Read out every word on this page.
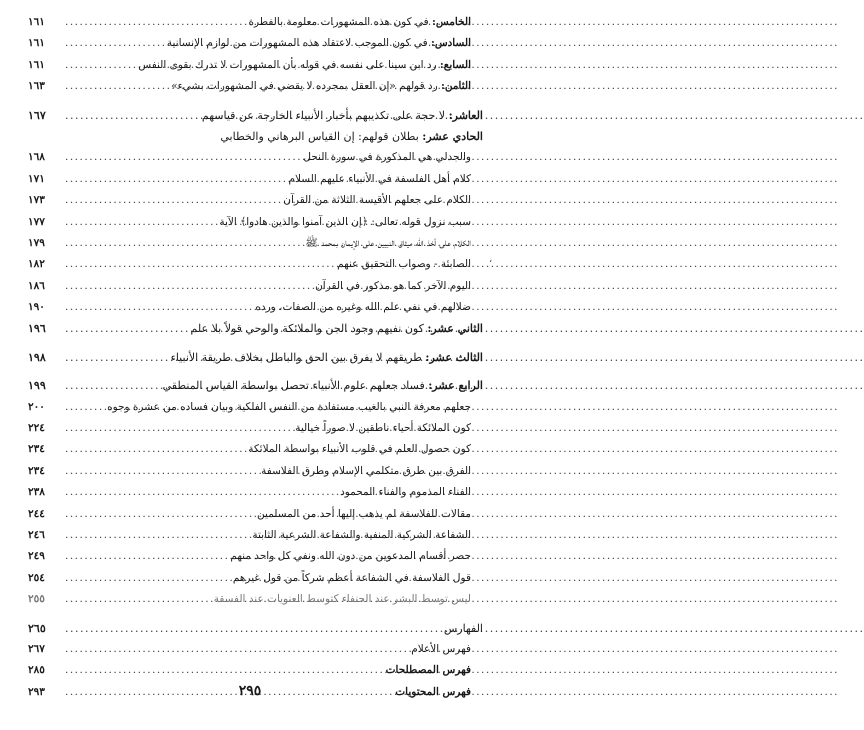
الخامس: في كون هذه المشهورات معلومة بالفطرة
.....
١٦١
السادس: في كون الموجب لاعتقاد هذه المشهورات من لوازم الإنسانية
.....
١٦١
السابع: رد ابن سينا على نفسه في قوله بأن المشهورات لا تدرك بقوى النفس
.....
١٦١
الثامن: رد قولهم «إن العقل بمجرده لا يقضي في المشهورات بشيء»
.....
١٦٣
العاشر: لا حجة على تكذيبهم بأخبار الأنبياء الخارجة عن قياسهم
.....
١٦٧
الحادي عشر: بطلان قولهم: إن القياس البرهاني والخطابي
والجدلي هي المذكورة في سورة النحل
.....
١٦٨
كلام أهل الفلسفة في الأنبياء عليهم السلام
.....
١٧١
الكلام على جعلهم الأقيسة الثلاثة من القرآن
.....
١٧٣
سبب نزول قوله تعالى: ﴿إن الذين آمنوا والذين هادوا﴾ الآية
.....
١٧٧
الكلام على أخذ الله ميثاق النبيين على الإيمان بمحمد ﷺ
.....
١٧٩
الصابئة - وصواب التحقيق عنهم
.....
١٨٢
اليوم الآخر كما هو مذكور في القرآن
.....
١٨٦
ضلالهم في نفي علم الله وغيره من الصفات، ورده
.....
١٩٠
الثاني عشر: كون نفيهم وجود الجن والملائكة والوحي قولاً بلا علم
.....
١٩٦
الثالث عشر: طريقهم لا يفرق بين الحق والباطل بخلاف طريقة الأنبياء
.....
١٩٨
الرابع عشر: فساد جعلهم علوم الأنبياء تحصل بواسطة القياس المنطقي
.....
١٩٩
جعلهم معرفة النبي بالغيب مستفادة من النفس الفلكية وبيان فساده من عشرة وجوه
.....
٢٠٠
كون الملائكة أحياء ناطقين لا صوراً خيالية
.....
٢٢٤
كون حصول العلم في قلوب الأنبياء بواسطة الملائكة
.....
٢٣٤
الفرق بين طرق متكلمي الإسلام وطرق الفلاسفة
.....
٢٣٤
الفناء المذموم والفناء المحمود
.....
٢٣٨
مقالات للفلاسفة لم يذهب إليها أحد من المسلمين
.....
٢٤٤
الشفاعة الشركية المنفية والشفاعة الشرعية الثابتة
.....
٢٤٦
حصر أقسام المدعوين من دون الله ونفي كل واحد منهم
.....
٢٤٩
قول الفلاسفة في الشفاعة أعظم شركاً من قول غيرهم
.....
٢٥٤
ليس توسط البشر عند الحنفاء كتوسط العنويات عند الفسقة
.....
٢٥٥
الفهارس
.....
٢٦٥
فهرس الأعلام
.....
٢٦٧
فهرس المصطلحات
.....
٢٨٥
فهرس المحتويات
.....
٢٩٣
،
٢٩٥
